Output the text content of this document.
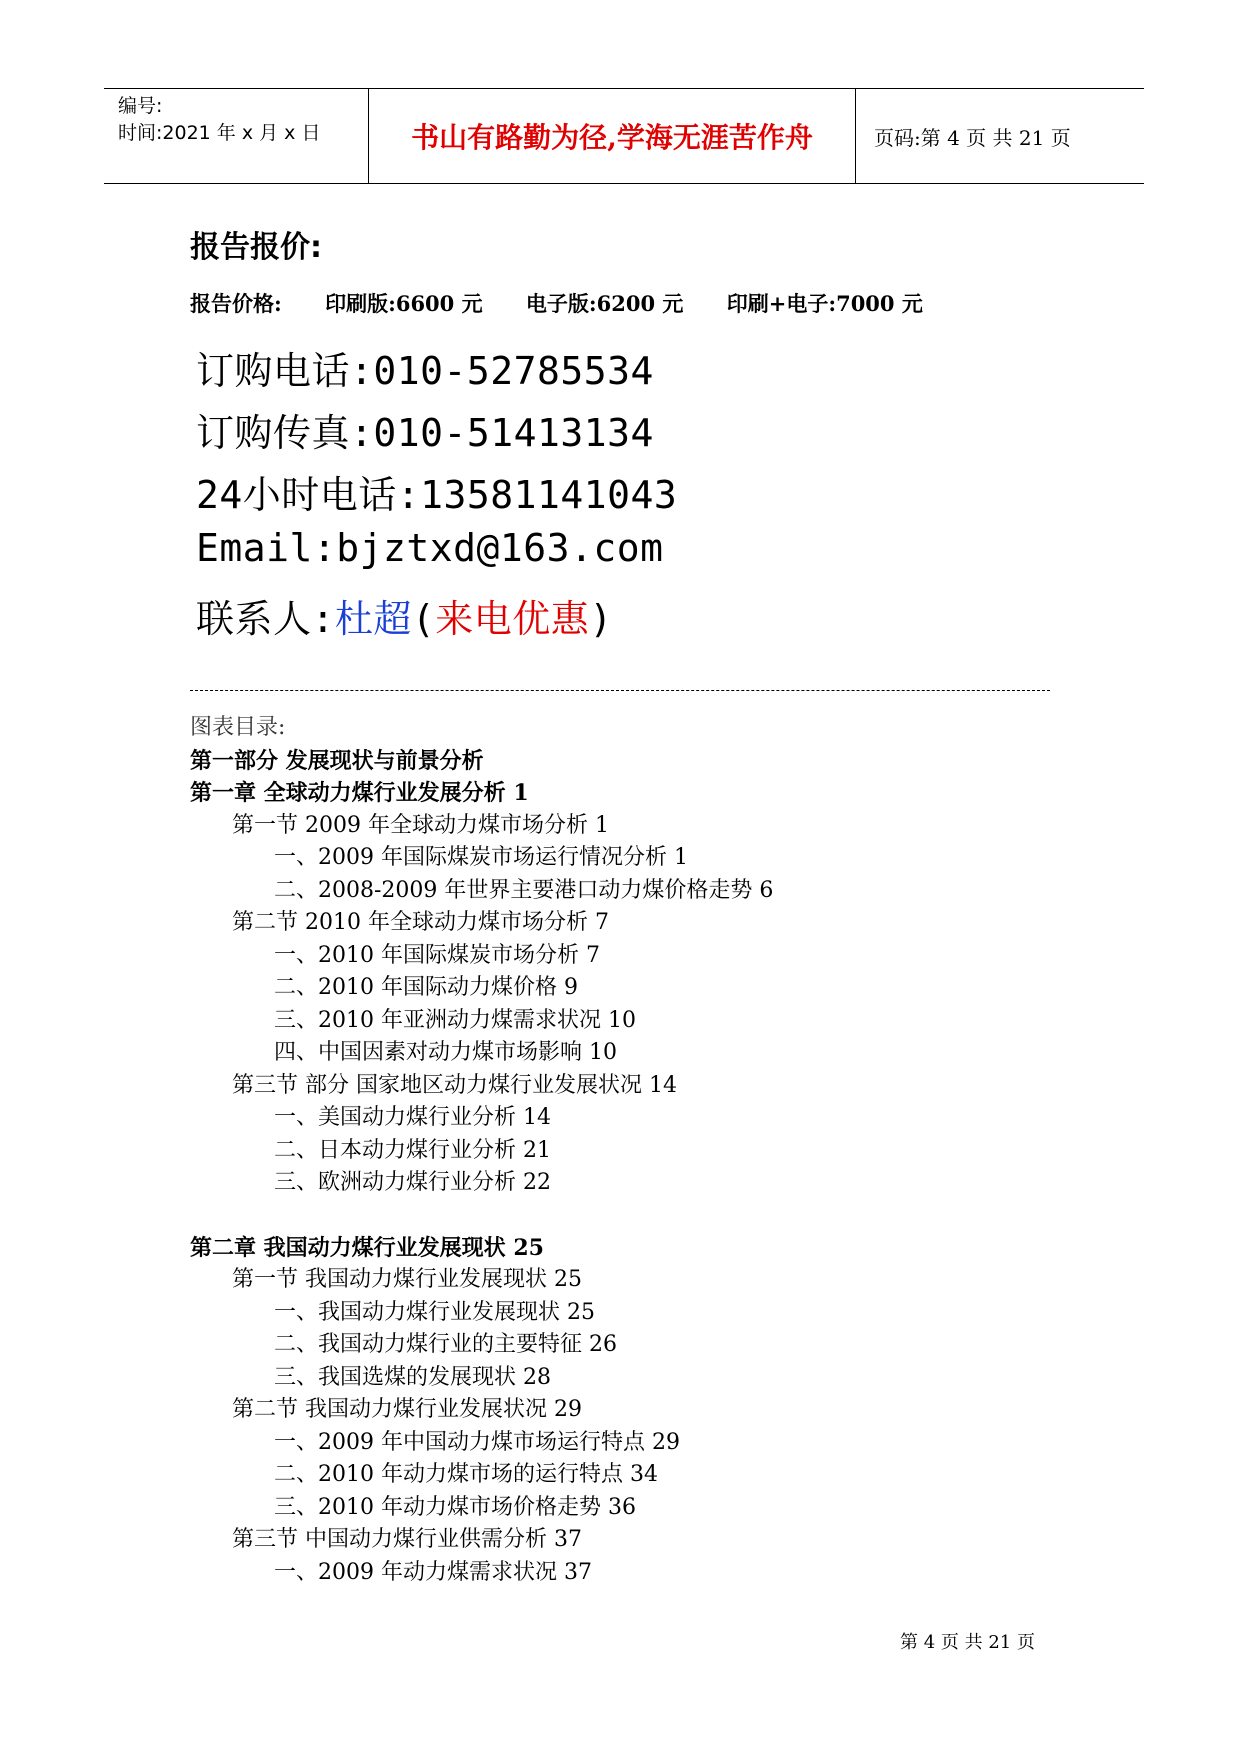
编号:
时间:2021 年 x 月 x 日	书山有路勤为径,学海无涯苦作舟	页码:第 4 页 共 21 页
报告报价:
报告价格: 印刷版:6600 元 电子版:6200 元 印刷+电子:7000 元
订购电话:010-52785534
订购传真:010-51413134
24小时电话:13581141043
Email:bjztxd@163.com
联系人:杜超(来电优惠)
图表目录:
第一部分 发展现状与前景分析
第一章 全球动力煤行业发展分析 1
第一节 2009 年全球动力煤市场分析 1
一、2009 年国际煤炭市场运行情况分析 1
二、2008-2009 年世界主要港口动力煤价格走势 6
第二节 2010 年全球动力煤市场分析 7
一、2010 年国际煤炭市场分析 7
二、2010 年国际动力煤价格 9
三、2010 年亚洲动力煤需求状况 10
四、中国因素对动力煤市场影响 10
第三节 部分 国家地区动力煤行业发展状况 14
一、美国动力煤行业分析 14
二、日本动力煤行业分析 21
三、欧洲动力煤行业分析 22
第二章 我国动力煤行业发展现状 25
第一节 我国动力煤行业发展现状 25
一、我国动力煤行业发展现状 25
二、我国动力煤行业的主要特征 26
三、我国选煤的发展现状 28
第二节 我国动力煤行业发展状况 29
一、2009 年中国动力煤市场运行特点 29
二、2010 年动力煤市场的运行特点 34
三、2010 年动力煤市场价格走势 36
第三节 中国动力煤行业供需分析 37
一、2009 年动力煤需求状况 37
第 4 页 共 21 页
